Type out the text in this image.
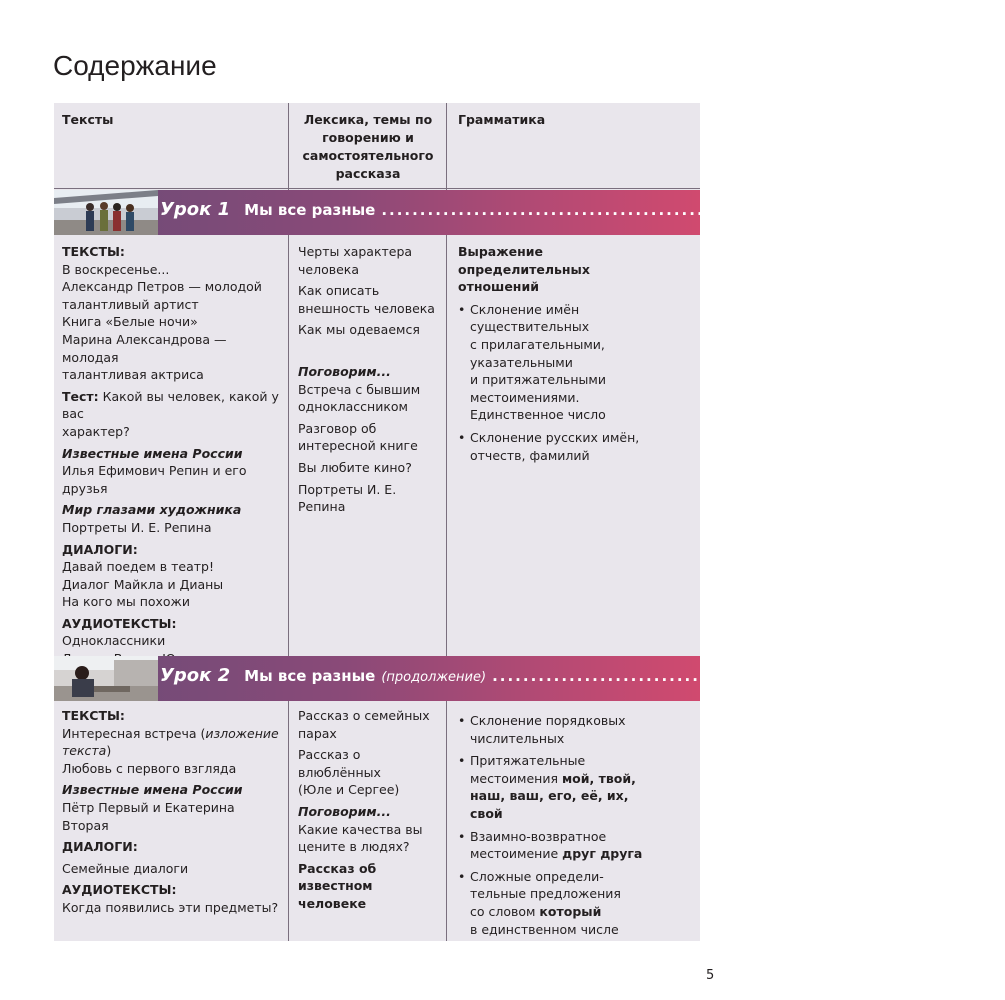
Содержание
Тексты	Лексика, темы по говорению и самостоятельного рассказа
Грамматика
Урок 1 Мы все разные ............................................................... 10

ТЕКСТЫ:

В воскресенье...

Александр Петров — молодой

талантливый артист

Книга «Белые ночи»

Марина Александрова — молодая

талантливая актриса

Тест: Какой вы человек, какой у вас

характер?

Известные имена России

Илья Ефимович Репин и его друзья

Мир глазами художника

Портреты И. Е. Репина

ДИАЛОГИ:

Давай поедем в театр!

Диалог Майкла и Дианы

На кого мы похожи

АУДИОТЕКСТЫ:

Одноклассники

Черты характера

человека

Как описать

внешность человека

Как мы одеваемся

Поговорим...

Встреча с бывшим

одноклассником

Разговор об

интересной книге

Вы любите кино?

Портреты И. Е. Репина

Выражение

определительных

отношений

• Склонение имён

существительных

с прилагательными,

указательными

и притяжательными

местоимениями.

Единственное число

• Склонение русских имён,

отчеств, фамилий

Урок 2 Мы все разные (продолжение) ............................................................... 32

ТЕКСТЫ:

Интересная встреча (изложение текста)

Любовь с первого взгляда

Известные имена России

Пётр Первый и Екатерина Вторая

ДИАЛОГИ:

Семейные диалоги

АУДИОТЕКСТЫ:

Когда появились эти предметы?

Рассказ о семейных

парах

Рассказ о влюблённых

(Юле и Сергее)

Поговорим...

Какие качества вы

цените в людях?

Рассказ об

известном человеке

• Склонение порядковых

числительных

• Притяжательные

местоимения мой, твой,

наш, ваш, его, её, их,

свой

• Взаимно-возвратное

местоимение друг друга

• Сложные определи-

тельные предложения

со словом который

в единственном числе

5
